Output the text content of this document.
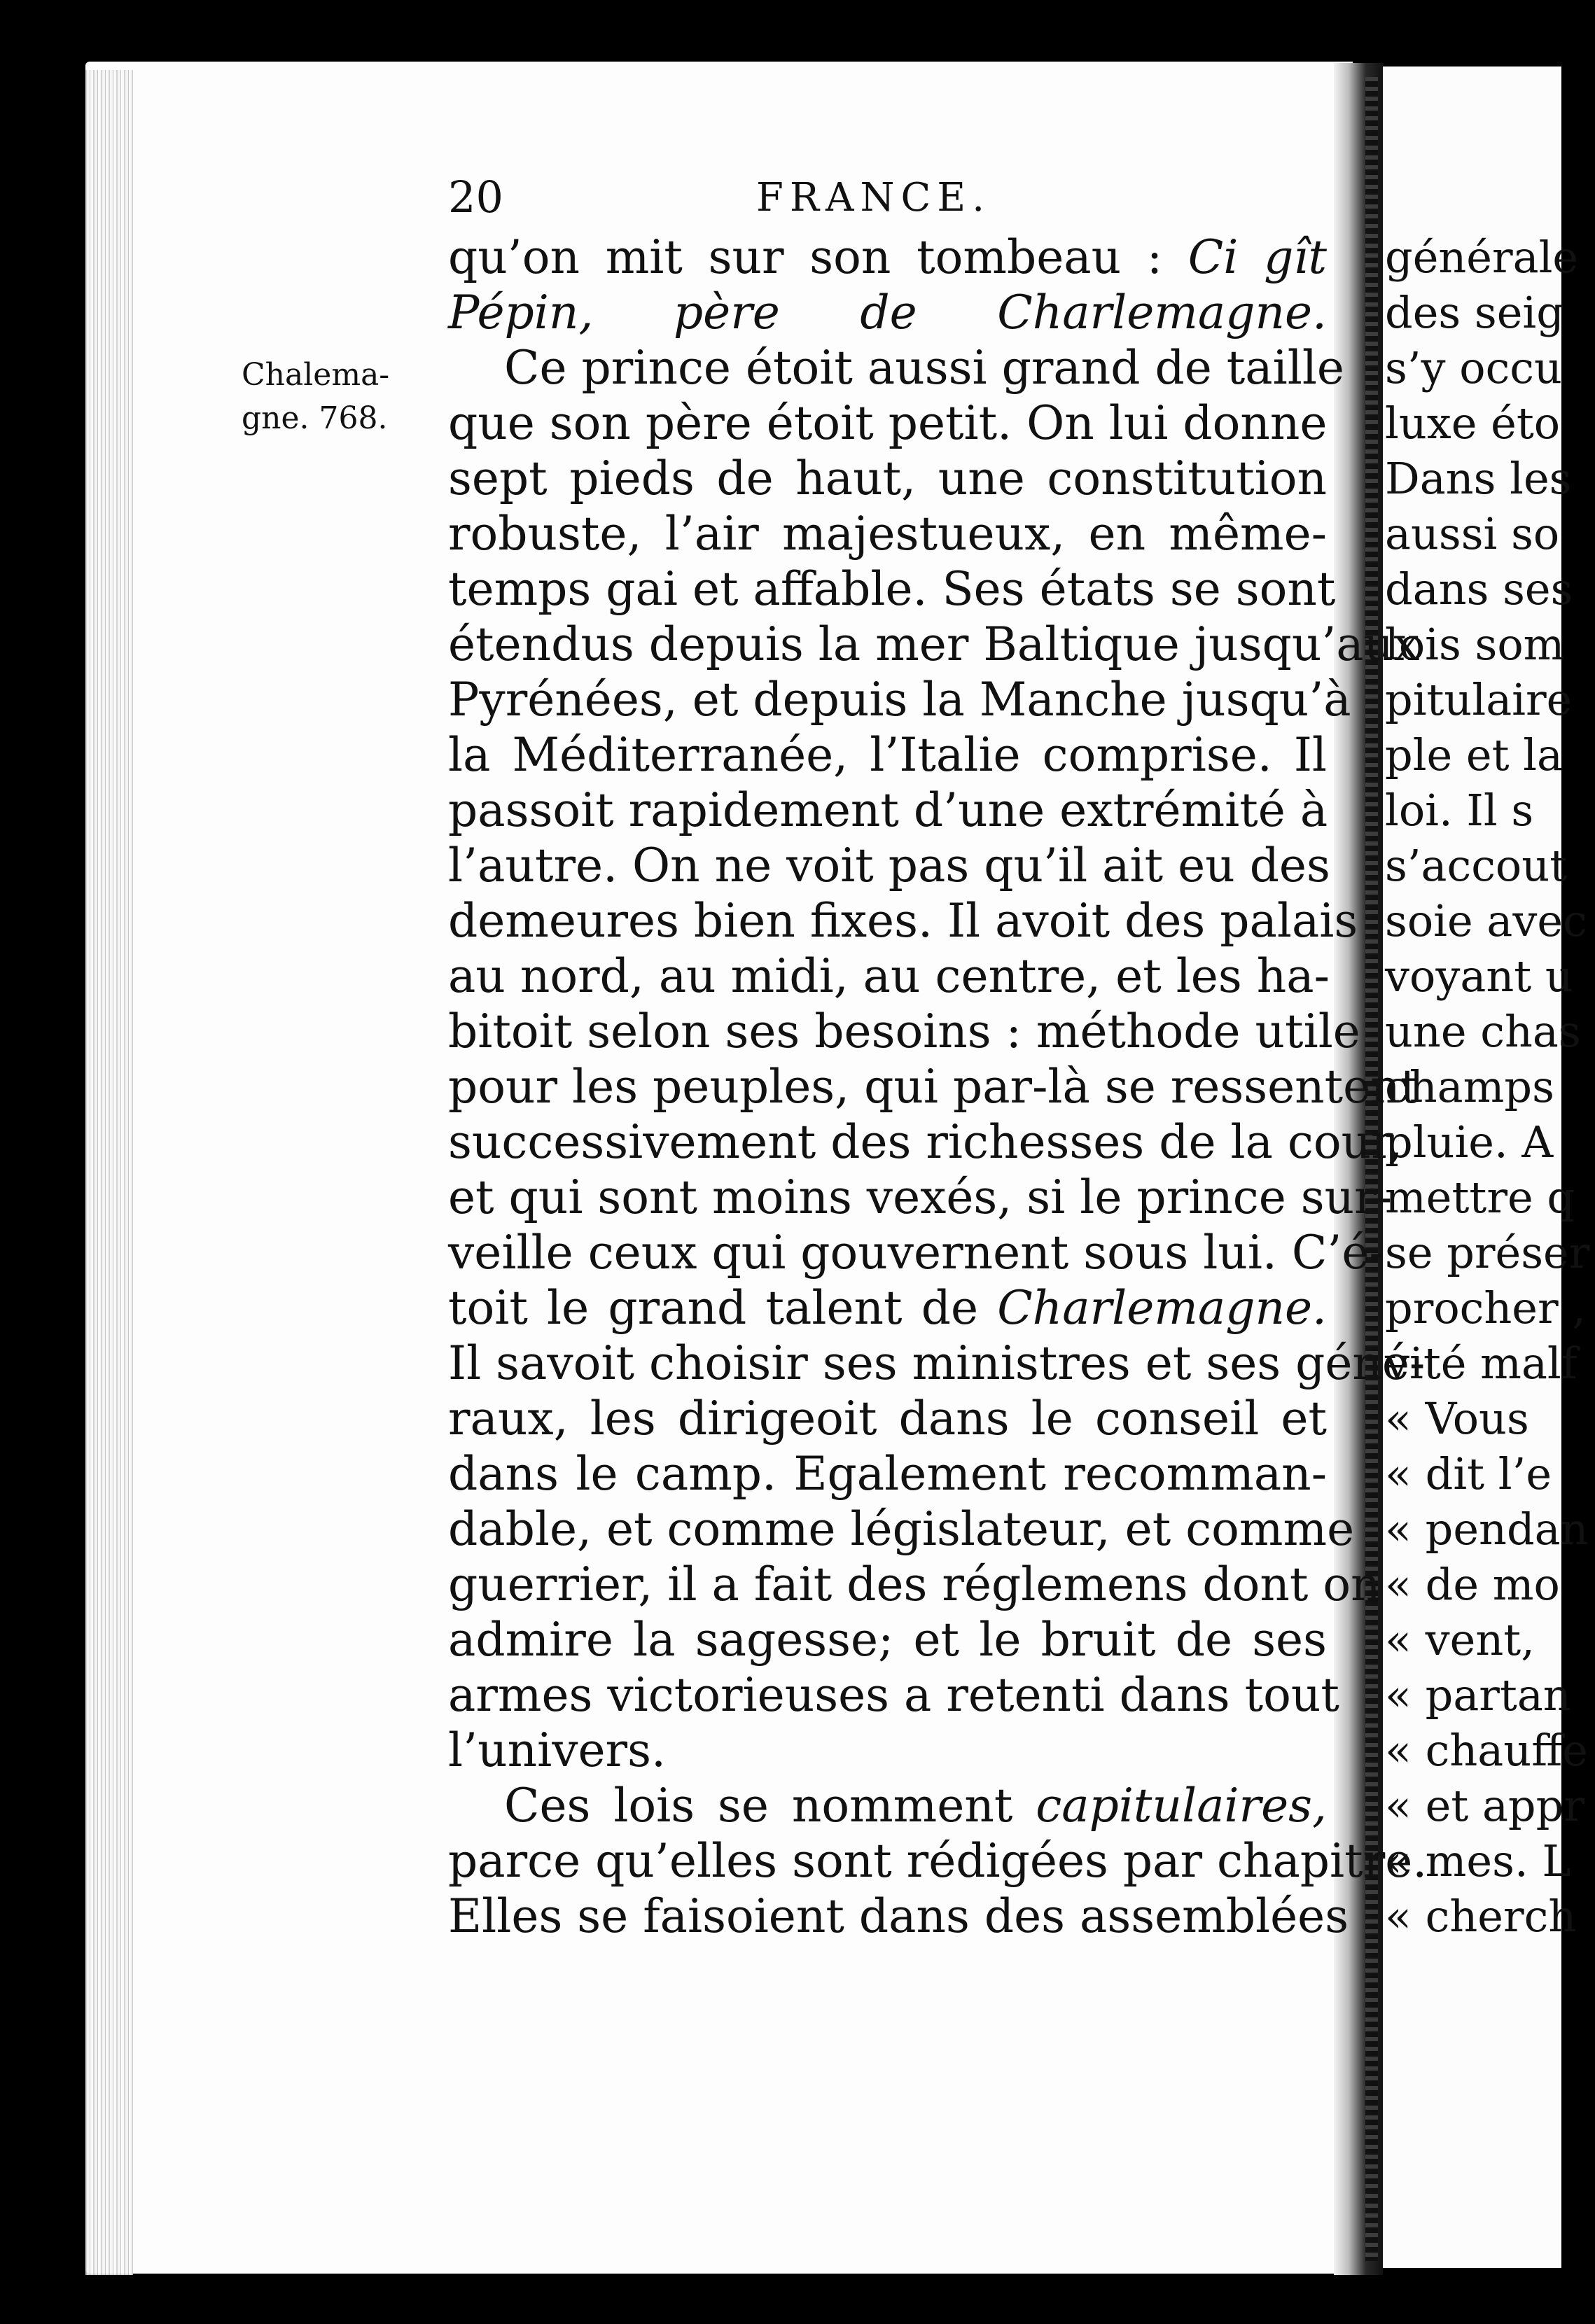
20	FRANCE.
Chalema-
gne. 768.
qu’on mit sur son tombeau : Ci gît
Pépin, père de Charlemagne.
Ce prince étoit aussi grand de taille
que son père étoit petit. On lui donne
sept pieds de haut, une constitution
robuste, l’air majestueux, en même-
temps gai et affable. Ses états se sont
étendus depuis la mer Baltique jusqu’aux
Pyrénées, et depuis la Manche jusqu’à
la Méditerranée, l’Italie comprise. Il
passoit rapidement d’une extrémité à
l’autre. On ne voit pas qu’il ait eu des
demeures bien fixes. Il avoit des palais
au nord, au midi, au centre, et les ha-
bitoit selon ses besoins : méthode utile
pour les peuples, qui par-là se ressentent
successivement des richesses de la cour,
et qui sont moins vexés, si le prince sur-
veille ceux qui gouvernent sous lui. C’é-
toit le grand talent de Charlemagne.
Il savoit choisir ses ministres et ses géné-
raux, les dirigeoit dans le conseil et
dans le camp. Egalement recomman-
dable, et comme législateur, et comme
guerrier, il a fait des réglemens dont on
admire la sagesse; et le bruit de ses
armes victorieuses a retenti dans tout
l’univers.
Ces lois se nomment capitulaires,
parce qu’elles sont rédigées par chapitre.
Elles se faisoient dans des assemblées
générale
des seig
s’y occu
luxe éto
Dans les
aussi so
dans ses
lois som
pitulaire
ple et la
loi. Il s
s’accout
soie avec
voyant u
une chas
champs
pluie. A
mettre q
se préser
procher ,
vité malf
« Vous
« dit l’e
« pendan
« de mo
« vent,
« partan
« chauffe
« et appr
« mes. L
« cherch
